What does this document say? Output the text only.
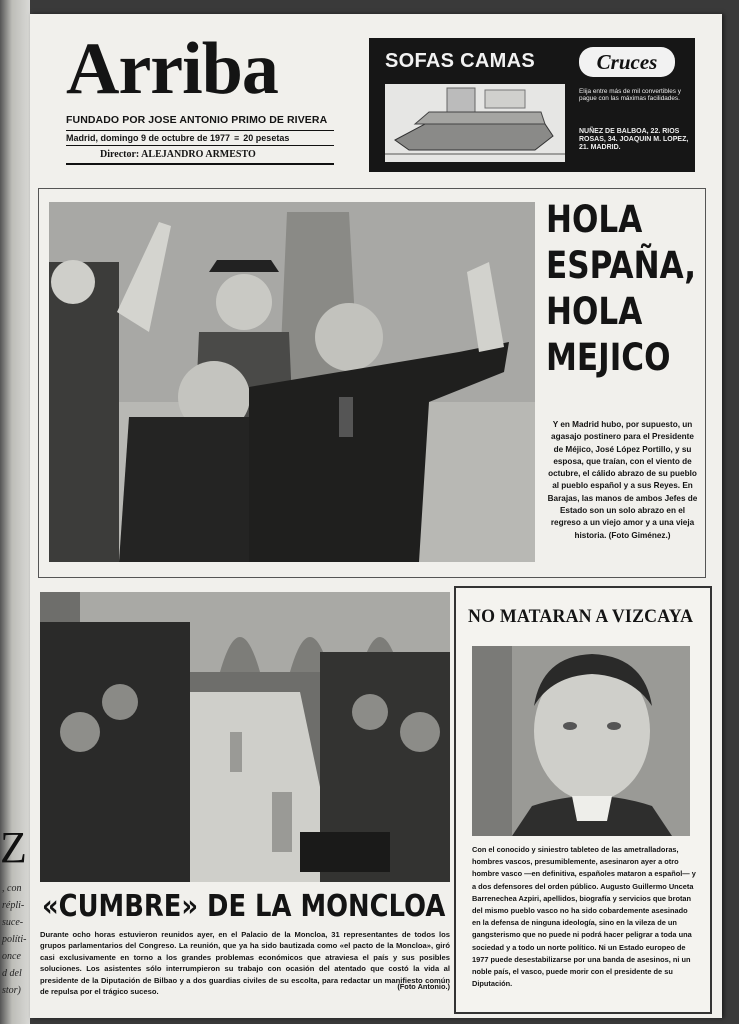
Z
, con
répli-
suce-
políti-
once
d del
stor)
Arriba
FUNDADO POR JOSE ANTONIO PRIMO DE RIVERA
Madrid, domingo 9 de octubre de 1977 ≡ 20 pesetas
Director: ALEJANDRO ARMESTO
SOFAS CAMAS	Cruces
Elija entre más de mil convertibles y pague con las máximas facilidades.
NUÑEZ DE BALBOA, 22. RIOS ROSAS, 34. JOAQUIN M. LOPEZ, 21. MADRID.
HOLA
ESPAÑA,
HOLA
MEJICO
Y en Madrid hubo, por supuesto, un agasajo postinero para el Presidente de Méjico, José López Portillo, y su esposa, que traían, con el viento de octubre, el cálido abrazo de su pueblo al pueblo español y a sus Reyes. En Barajas, las manos de ambos Jefes de Estado son un solo abrazo en el regreso a un viejo amor y a una vieja historia. (Foto Giménez.)
«CUMBRE» DE LA MONCLOA
Durante ocho horas estuvieron reunidos ayer, en el Palacio de la Moncloa, 31 representantes de todos los grupos parlamentarios del Congreso. La reunión, que ya ha sido bautizada como «el pacto de la Moncloa», giró casi exclusivamente en torno a los grandes problemas económicos que atraviesa el país y sus posibles soluciones. Los asistentes sólo interrumpieron su trabajo con ocasión del atentado que costó la vida al presidente de la Diputación de Bilbao y a dos guardias civiles de su escolta, para redactar un manifiesto común de repulsa por el trágico suceso.
(Foto Antonio.)
NO MATARAN A VIZCAYA
Con el conocido y siniestro tableteo de las ametralladoras, hombres vascos, presumiblemente, asesinaron ayer a otro hombre vasco —en definitiva, españoles mataron a español— y a dos defensores del orden público. Augusto Guillermo Unceta Barrenechea Azpiri, apellidos, biografía y servicios que brotan del mismo pueblo vasco no ha sido cobardemente asesinado en la defensa de ninguna ideología, sino en la vileza de un gangsterismo que no puede ni podrá hacer peligrar a toda una sociedad y a todo un norte político. Ni un Estado europeo de 1977 puede desestabilizarse por una banda de asesinos, ni un noble país, el vasco, puede morir con el presidente de su Diputación.
